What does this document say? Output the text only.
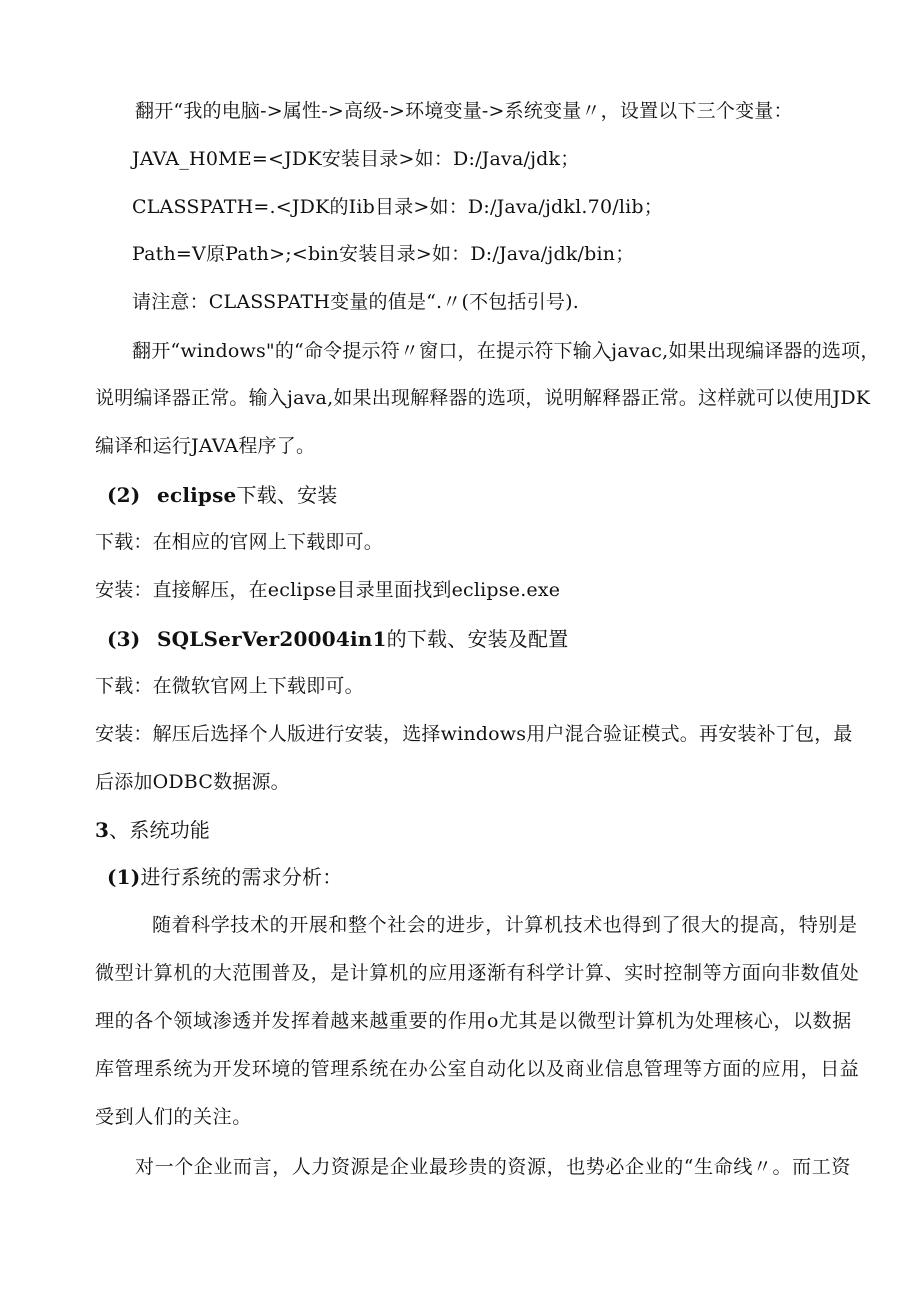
翻开“我的电脑->属性->高级->环境变量->系统变量〃，设置以下三个变量：
JAVA_H0ME=<JDK安装目录>如：D:/Java/jdk；
CLASSPATH=.<JDK的Iib目录>如：D:/Java/jdkl.70/lib；
Path=V原Path>;<bin安装目录>如：D:/Java/jdk/bin；
请注意：CLASSPATH变量的值是“.〃(不包括引号).
翻开“windows"的“命令提示符〃窗口，在提示符下输入javac,如果出现编译器的选项，
说明编译器正常。输入java,如果出现解释器的选项，说明解释器正常。这样就可以使用JDK
编译和运行JAVA程序了。
(2) eclipse下载、安装
下载：在相应的官网上下载即可。
安装：直接解压，在eclipse目录里面找到eclipse.exe
(3) SQLSerVer20004in1的下载、安装及配置
下载：在微软官网上下载即可。
安装：解压后选择个人版进行安装，选择windows用户混合验证模式。再安装补丁包，最
后添加ODBC数据源。
3、系统功能
(1)进行系统的需求分析：
随着科学技术的开展和整个社会的进步，计算机技术也得到了很大的提高，特别是
微型计算机的大范围普及，是计算机的应用逐渐有科学计算、实时控制等方面向非数值处
理的各个领域渗透并发挥着越来越重要的作用o尤其是以微型计算机为处理核心，以数据
库管理系统为开发环境的管理系统在办公室自动化以及商业信息管理等方面的应用，日益
受到人们的关注。
对一个企业而言，人力资源是企业最珍贵的资源，也势必企业的“生命线〃。而工资
